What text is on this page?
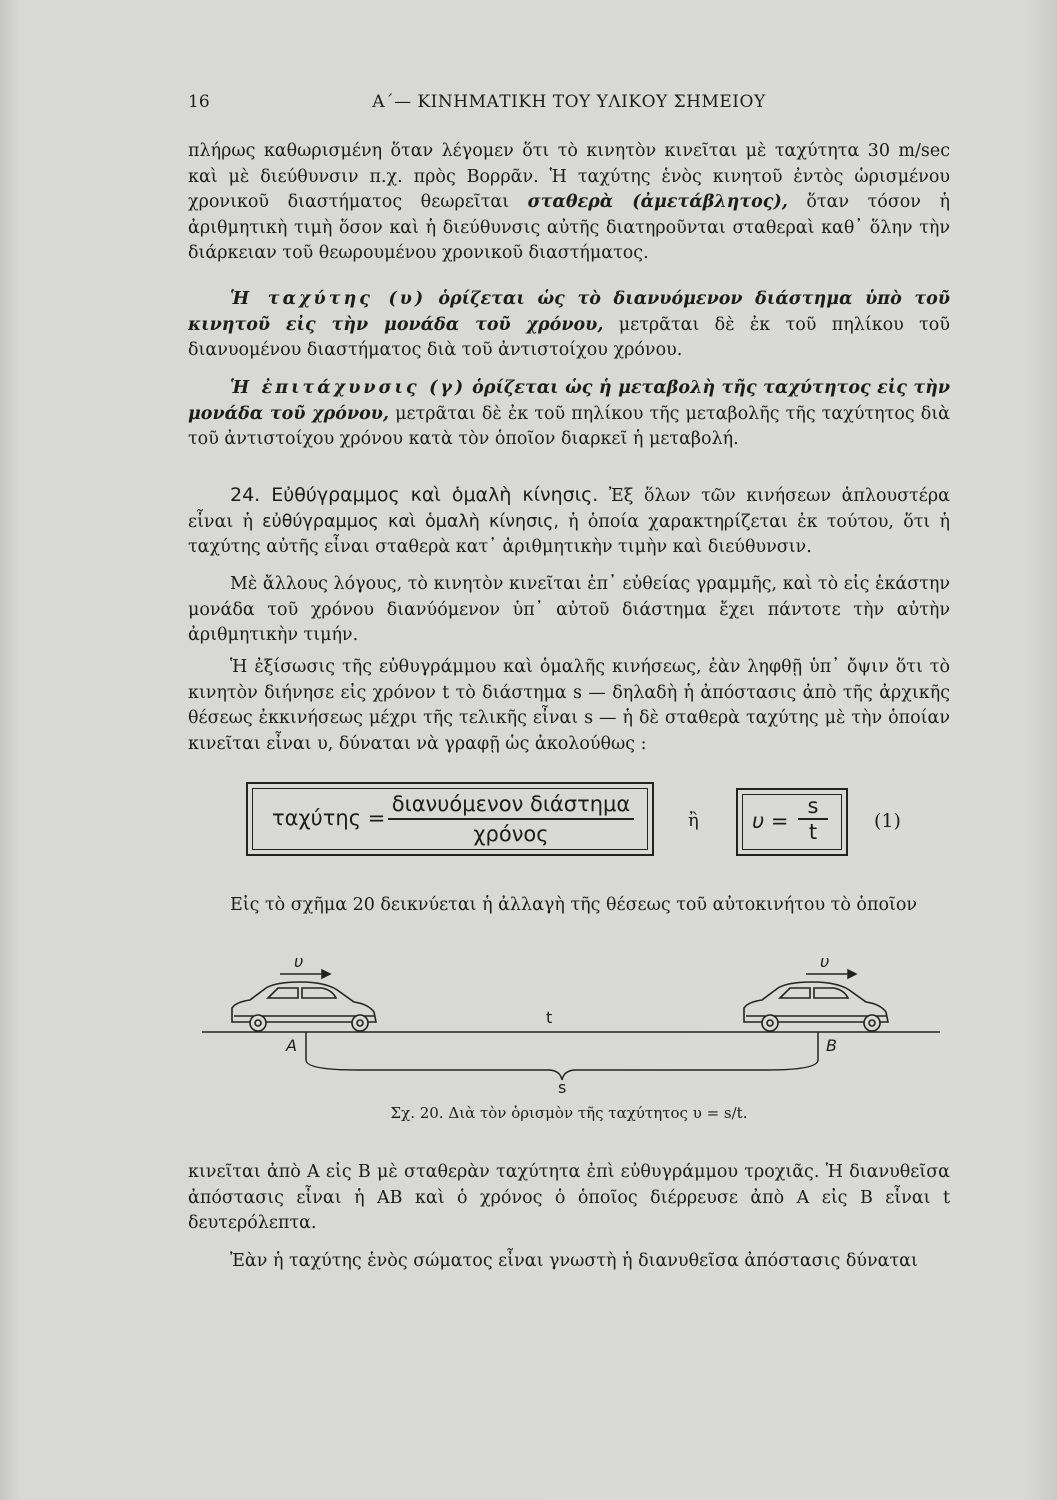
16	Α΄— ΚΙΝΗΜΑΤΙΚΗ ΤΟΥ ΥΛΙΚΟΥ ΣΗΜΕΙΟΥ

πλήρως καθωρισμένη ὅταν λέγομεν ὅτι τὸ κινητὸν κινεῖται μὲ ταχύτητα 30 m/sec καὶ μὲ διεύθυνσιν π.χ. πρὸς Βορρᾶν. Ἡ ταχύτης ἑνὸς κινητοῦ ἐντὸς ὡρισμένου χρονικοῦ διαστήματος θεωρεῖται σταθερὰ (ἀμετάβλητος), ὅταν τόσον ἡ ἀριθμητικὴ τιμὴ ὅσον καὶ ἡ διεύθυνσις αὐτῆς διατηροῦνται σταθεραὶ καθ᾽ ὅλην τὴν διάρκειαν τοῦ θεωρουμένου χρονικοῦ διαστήματος.

Ἡ ταχύτης (υ) ὁρίζεται ὡς τὸ διανυόμενον διάστημα ὑπὸ τοῦ κινητοῦ εἰς τὴν μονάδα τοῦ χρόνου, μετρᾶται δὲ ἐκ τοῦ πηλίκου τοῦ διανυομένου διαστήματος διὰ τοῦ ἀντιστοίχου χρόνου.

Ἡ ἐπιτάχυνσις (γ) ὁρίζεται ὡς ἡ μεταβολὴ τῆς ταχύτητος εἰς τὴν μονάδα τοῦ χρόνου, μετρᾶται δὲ ἐκ τοῦ πηλίκου τῆς μεταβολῆς τῆς ταχύτητος διὰ τοῦ ἀντιστοίχου χρόνου κατὰ τὸν ὁποῖον διαρκεῖ ἡ μεταβολή.

24. Εὐθύγραμμος καὶ ὁμαλὴ κίνησις. Ἐξ ὅλων τῶν κινήσεων ἁπλουστέρα εἶναι ἡ εὐθύγραμμος καὶ ὁμαλὴ κίνησις, ἡ ὁποία χαρακτηρίζεται ἐκ τούτου, ὅτι ἡ ταχύτης αὐτῆς εἶναι σταθερὰ κατ᾽ ἀριθμητικὴν τιμὴν καὶ διεύθυνσιν.

Μὲ ἄλλους λόγους, τὸ κινητὸν κινεῖται ἐπ᾽ εὐθείας γραμμῆς, καὶ τὸ εἰς ἑκάστην μονάδα τοῦ χρόνου διανύόμενον ὑπ᾽ αὐτοῦ διάστημα ἔχει πάντοτε τὴν αὐτὴν ἀριθμητικὴν τιμήν.

Ἡ ἐξίσωσις τῆς εὐθυγράμμου καὶ ὁμαλῆς κινήσεως, ἐὰν ληφθῇ ὑπ᾽ ὄψιν ὅτι τὸ κινητὸν διήνησε εἰς χρόνον t τὸ διάστημα s — δηλαδὴ ἡ ἀπόστασις ἀπὸ τῆς ἀρχικῆς θέσεως ἐκκινήσεως μέχρι τῆς τελικῆς εἶναι s — ἡ δὲ σταθερὰ ταχύτης μὲ τὴν ὁποίαν κινεῖται εἶναι υ, δύναται νὰ γραφῇ ὡς ἀκολούθως :

ταχύτης =
διανυόμενον διάστημα
χρόνος
ἢ	$\upsilon = \frac{s}{t} (1)$

Εἰς τὸ σχῆμα 20 δεικνύεται ἡ ἀλλαγὴ τῆς θέσεως τοῦ αὐτοκινήτου τὸ ὁποῖον

υ	υ
t
A	B
s
Σχ. 20. Διὰ τὸν ὁρισμὸν τῆς ταχύτητος υ = s/t.

κινεῖται ἀπὸ Α εἰς Β μὲ σταθερὰν ταχύτητα ἐπὶ εὐθυγράμμου τροχιᾶς. Ἡ διανυθεῖσα ἀπόστασις εἶναι ἡ ΑΒ καὶ ὁ χρόνος ὁ ὁποῖος διέρρευσε ἀπὸ Α εἰς Β εἶναι t δευτερόλεπτα.

Ἐὰν ἡ ταχύτης ἑνὸς σώματος εἶναι γνωστὴ ἡ διανυθεῖσα ἀπόστασις δύναται
